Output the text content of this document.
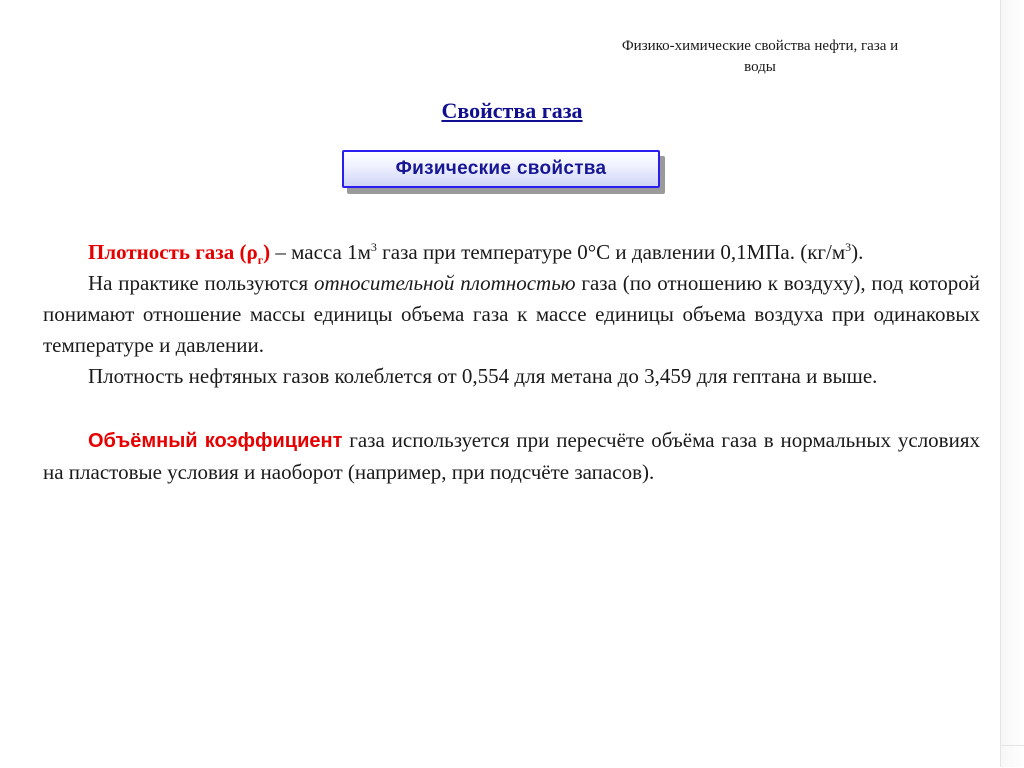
Физико-химические свойства нефти, газа и
воды
Свойства газа
Физические свойства

Плотность газа $(\rho_г)$ – масса $1м^3$ газа при температуре 0°С и давлении 0,1МПа. $(кг/м^3)$.

На практике пользуются относительной плотностью газа (по отношению к воздуху), под которой понимают отношение массы единицы объема газа к массе единицы объема воздуха при одинаковых температуре и давлении.

Плотность нефтяных газов колеблется от 0,554 для метана до 3,459 для гептана и выше.

Объёмный коэффициент газа используется при пересчёте объёма газа в нормальных условиях на пластовые условия и наоборот (например, при подсчёте запасов).
